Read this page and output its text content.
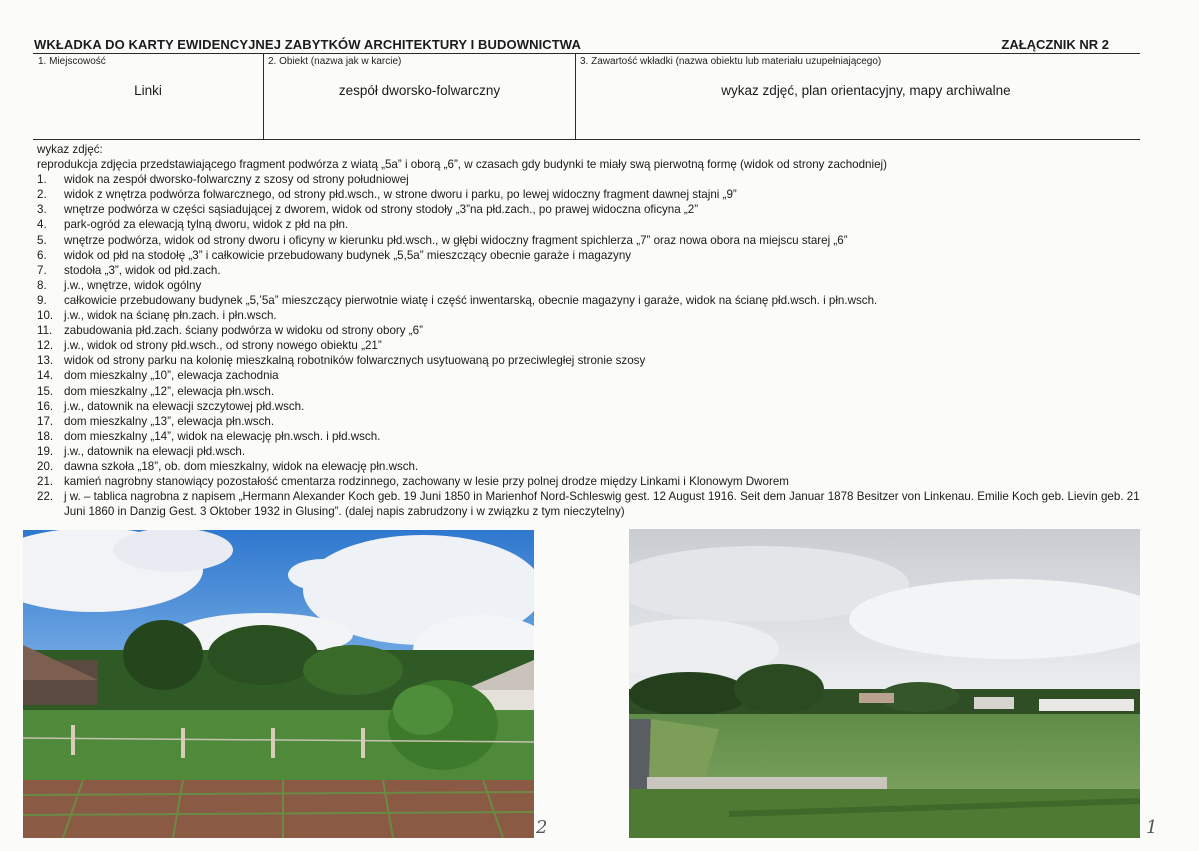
WKŁADKA DO KARTY EWIDENCYJNEJ ZABYTKÓW ARCHITEKTURY I BUDOWNICTWA	ZAŁĄCZNIK NR 2
1. Miejscowość	2. Obiekt (nazwa jak w karcie)	3. Zawartość wkładki (nazwa obiektu lub materiału uzupełniającego)
Linki	zespół dworsko-folwarczny	wykaz zdjęć, plan orientacyjny, mapy archiwalne

wykaz zdjęć:

reprodukcja zdjęcia przedstawiającego fragment podwórza z wiatą „5a” i oborą „6”, w czasach gdy budynki te miały swą pierwotną formę (widok od strony zachodniej)

1.	widok na zespół dworsko-folwarczny z szosy od strony południowej
2.	widok z wnętrza podwórza folwarcznego, od strony płd.wsch., w strone dworu i parku, po lewej widoczny fragment dawnej stajni „9”
3.	wnętrze podwórza w części sąsiadującej z dworem, widok od strony stodoły „3”na płd.zach., po prawej widoczna oficyna „2”
4.	park-ogród za elewacją tylną dworu, widok z płd na płn.
5.	wnętrze podwórza, widok od strony dworu i oficyny w kierunku płd.wsch., w głębi widoczny fragment spichlerza „7” oraz nowa obora na miejscu starej „6”
6.	widok od płd na stodołę „3” i całkowicie przebudowany budynek „5,5a” mieszczący obecnie garaże i magazyny
7.	stodoła „3”, widok od płd.zach.
8.	j.w., wnętrze, widok ogólny
9.	całkowicie przebudowany budynek „5,’5a” mieszczący pierwotnie wiatę i część inwentarską, obecnie magazyny i garaże, widok na ścianę płd.wsch. i płn.wsch.
10. j.w., widok na ścianę płn.zach. i płn.wsch.
11.	zabudowania płd.zach. ściany podwórza w widoku od strony obory „6”
12. j.w., widok od strony płd.wsch., od strony nowego obiektu „21”
13. widok od strony parku na kolonię mieszkalną robotników folwarcznych usytuowaną po przeciwległej stronie szosy
14. dom mieszkalny „10”, elewacja zachodnia
15. dom mieszkalny „12”, elewacja płn.wsch.
16. j.w., datownik na elewacji szczytowej płd.wsch.
17. dom mieszkalny „13”, elewacja płn.wsch.
18. dom mieszkalny „14”, widok na elewację płn.wsch. i płd.wsch.
19. j.w., datownik na elewacji płd.wsch.
20. dawna szkoła „18”, ob. dom mieszkalny, widok na elewację płn.wsch.
21. kamień nagrobny stanowiący pozostałość cmentarza rodzinnego, zachowany w lesie przy polnej drodze między Linkami i Klonowym Dworem
22. j w. – tablica nagrobna z napisem „Hermann Alexander Koch geb. 19 Juni 1850 in Marienhof Nord-Schleswig gest. 12 August 1916. Seit dem Januar 1878 Besitzer von Linkenau. Emilie Koch geb. Lievin geb. 21 Juni 1860 in Danzig Gest. 3 Oktober 1932 in Glusing”. (dalej napis zabrudzony i w związku z tym nieczytelny)
2	1
